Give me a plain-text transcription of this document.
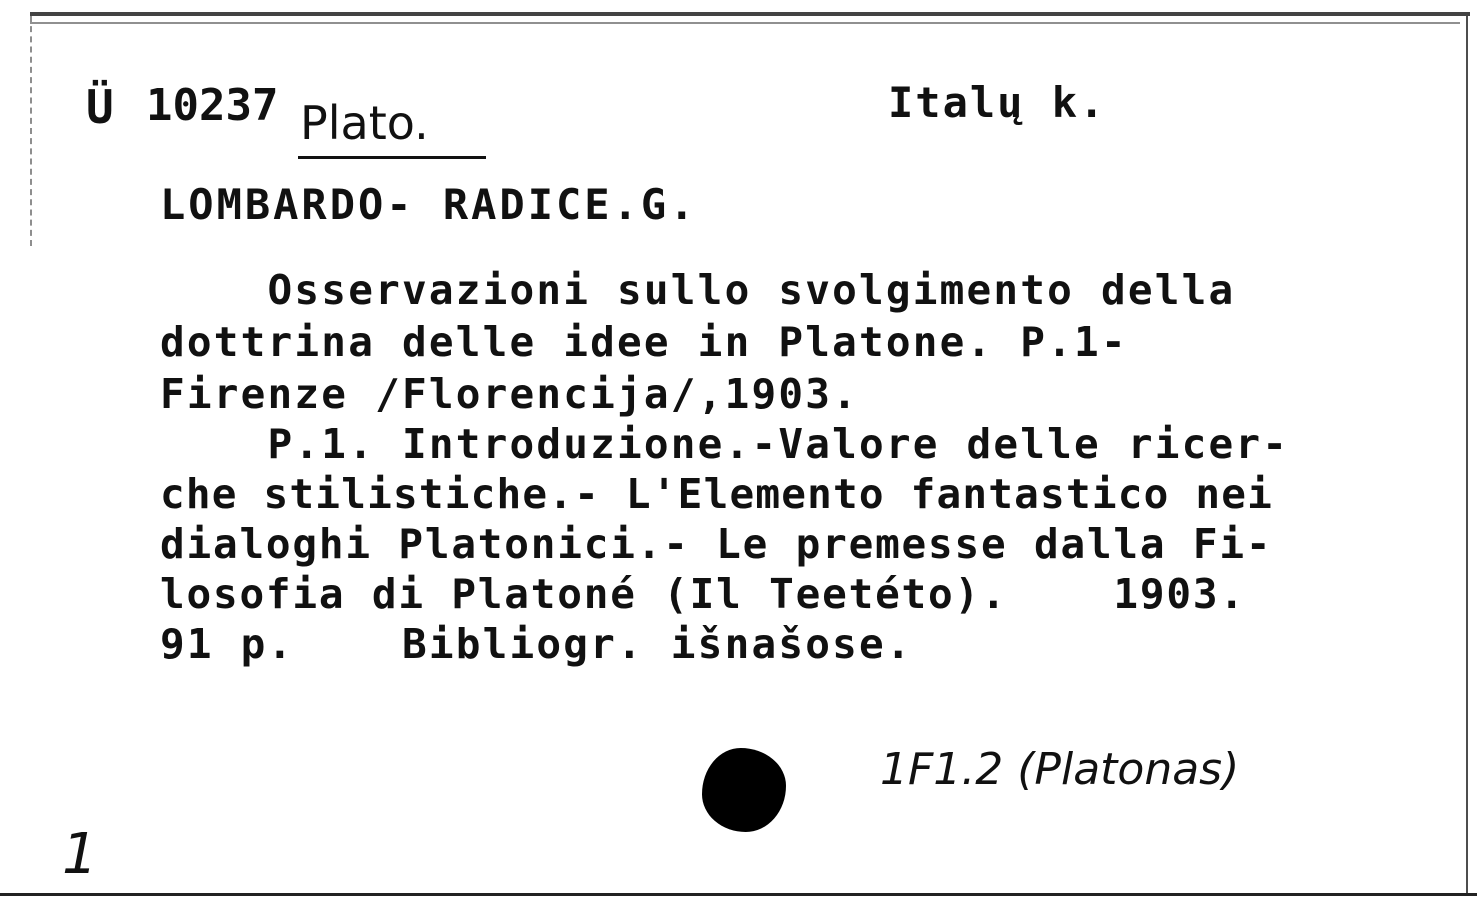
Ü 10237 Plato.	Italų k.
LOMBARDO- RADICE.G.
Osservazioni sullo svolgimento della
dottrina delle idee in Platone. P.1-
Firenze /Florencija/,1903.
P.1. Introduzione.-Valore delle ricer-
che stilistiche.- L'Elemento fantastico nei
dialoghi Platonici.- Le premesse dalla Fi-
losofia di Platoné (Il Teetéto).    1903.
91 p.    Bibliogr. išnašose.
1F1.2 (Platonas)
1
